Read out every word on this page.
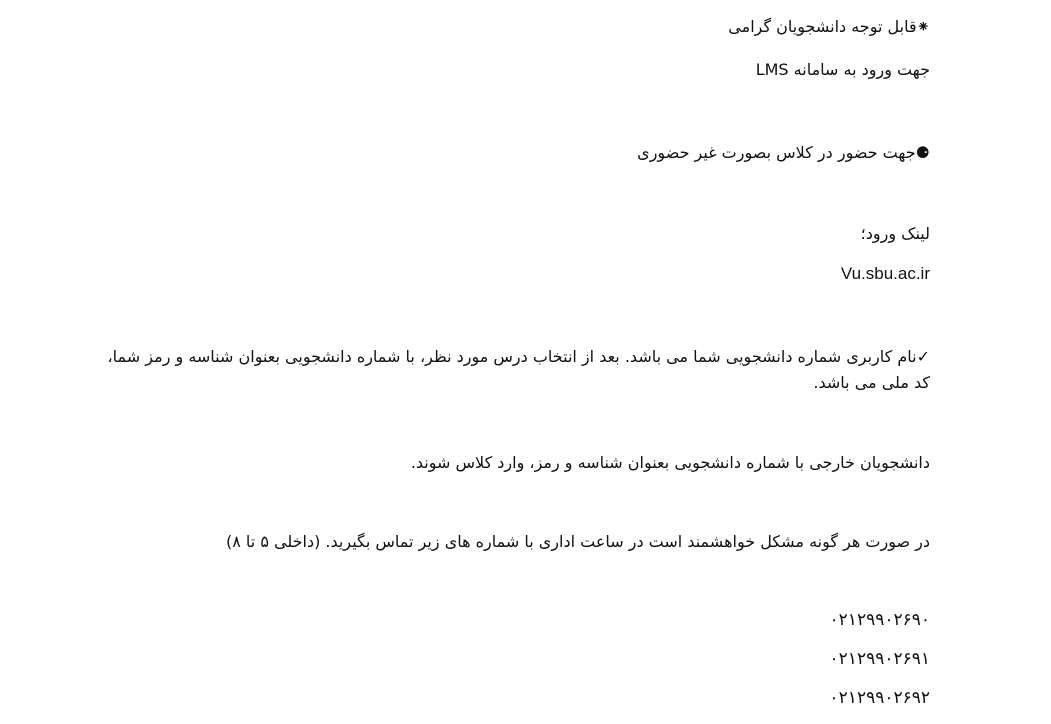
⁕قابل توجه دانشجویان گرامی
جهت ورود به سامانه LMS
⚈جهت حضور در کلاس بصورت غیر حضوری
لینک ورود؛
Vu.sbu.ac.ir
✓نام کاربری شماره دانشجویی شما می باشد. بعد از انتخاب درس مورد نظر، با شماره دانشجویی بعنوان شناسه و رمز شما، کد ملی می باشد.
دانشجویان خارجی با شماره دانشجویی بعنوان شناسه و رمز، وارد کلاس شوند.
در صورت هر گونه مشکل خواهشمند است در ساعت اداری با شماره های زیر تماس بگیرید. (داخلی ۵ تا ۸)
۰۲۱۲۹۹۰۲۶۹۰
۰۲۱۲۹۹۰۲۶۹۱
۰۲۱۲۹۹۰۲۶۹۲
